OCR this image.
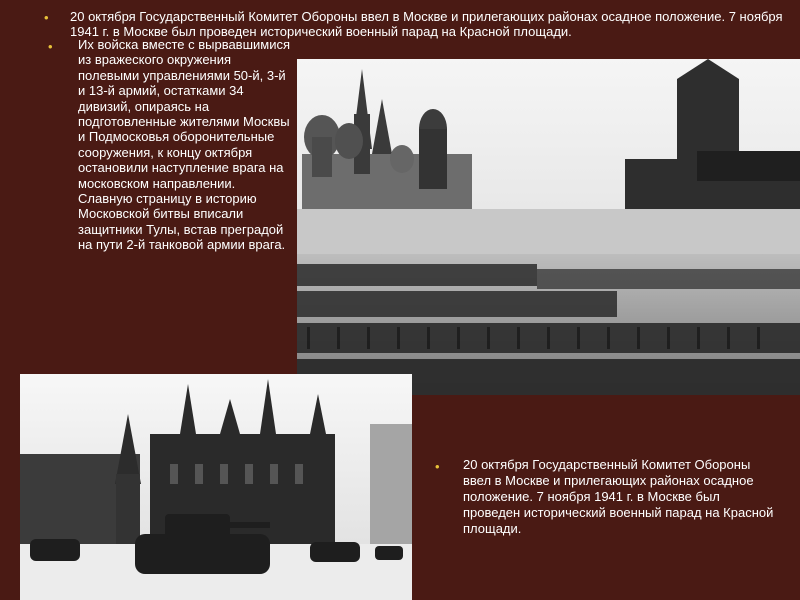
• 20 октября Государственный Комитет Обороны ввел в Москве и прилегающих районах осадное положение. 7 ноября 1941 г. в Москве был проведен исторический военный парад на Красной площади.
• Их войска вместе с вырвавшимися из вражеского окружения полевыми управлениями 50-й, 3-й и 13-й армий, остатками 34 дивизий, опираясь на подготовленные жителями Москвы и Подмосковья оборонительные сооружения, к концу октября остановили наступление врага на московском направлении. Славную страницу в историю Московской битвы вписали защитники Тулы, встав преградой на пути 2-й танковой армии врага.
• 20 октября Государственный Комитет Обороны ввел в Москве и прилегающих районах осадное положение. 7 ноября 1941 г. в Москве был проведен исторический военный парад на Красной площади.
